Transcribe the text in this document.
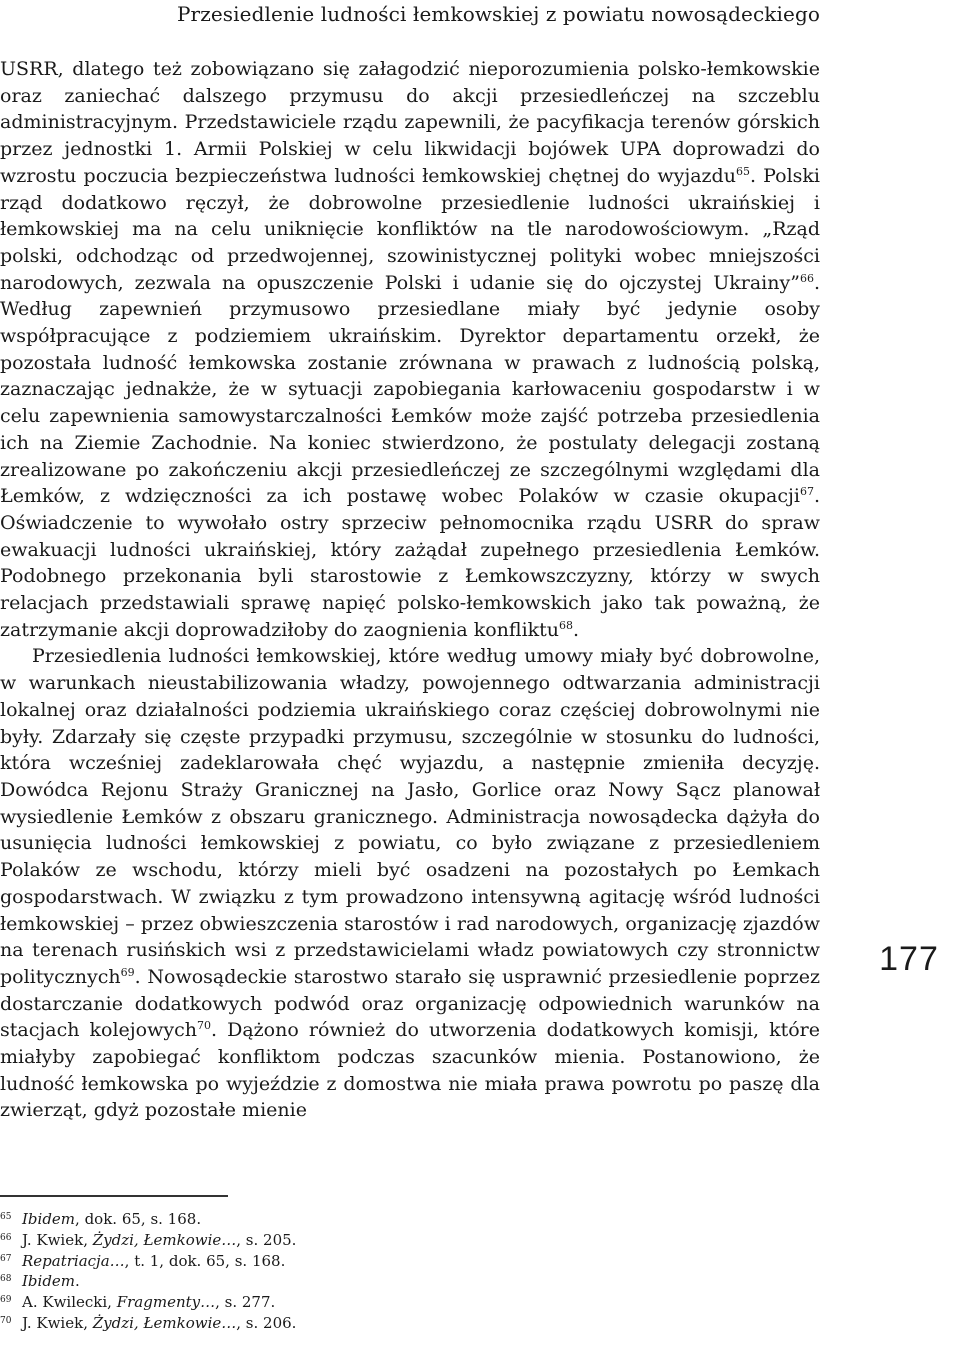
Przesiedlenie ludności łemkowskiej z powiatu nowosądeckiego

USRR, dlatego też zobowiązano się załagodzić nieporozumienia polsko-łemkowskie oraz zaniechać dalszego przymusu do akcji przesiedleńczej na szczeblu administracyjnym. Przedstawiciele rządu zapewnili, że pacyfikacja terenów górskich przez jednostki 1. Armii Polskiej w celu likwidacji bojówek UPA doprowadzi do wzrostu poczucia bezpieczeństwa ludności łemkowskiej chętnej do wyjazdu$^{65}$. Polski rząd dodatkowo ręczył, że dobrowolne przesiedlenie ludności ukraińskiej i łemkowskiej ma na celu uniknięcie konfliktów na tle narodowościowym. „Rząd polski, odchodząc od przedwojennej, szowinistycznej polityki wobec mniejszości narodowych, zezwala na opuszczenie Polski i udanie się do ojczystej Ukrainy”$^{66}$. Według zapewnień przymusowo przesiedlane miały być jedynie osoby współpracujące z podziemiem ukraińskim. Dyrektor departamentu orzekł, że pozostała ludność łemkowska zostanie zrównana w prawach z ludnością polską, zaznaczając jednakże, że w sytuacji zapobiegania karłowaceniu gospodarstw i w celu zapewnienia samowystarczalności Łemków może zajść potrzeba przesiedlenia ich na Ziemie Zachodnie. Na koniec stwierdzono, że postulaty delegacji zostaną zrealizowane po zakończeniu akcji przesiedleńczej ze szczególnymi względami dla Łemków, z wdzięczności za ich postawę wobec Polaków w czasie okupacji$^{67}$. Oświadczenie to wywołało ostry sprzeciw pełnomocnika rządu USRR do spraw ewakuacji ludności ukraińskiej, który zażądał zupełnego przesiedlenia Łemków. Podobnego przekonania byli starostowie z Łemkowszczyzny, którzy w swych relacjach przedstawiali sprawę napięć polsko-łemkowskich jako tak poważną, że zatrzymanie akcji doprowadziłoby do zaognienia konfliktu$^{68}$.

Przesiedlenia ludności łemkowskiej, które według umowy miały być dobrowolne, w warunkach nieustabilizowania władzy, powojennego odtwarzania administracji lokalnej oraz działalności podziemia ukraińskiego coraz częściej dobrowolnymi nie były. Zdarzały się częste przypadki przymusu, szczególnie w stosunku do ludności, która wcześniej zadeklarowała chęć wyjazdu, a następnie zmieniła decyzję. Dowódca Rejonu Straży Granicznej na Jasło, Gorlice oraz Nowy Sącz planował wysiedlenie Łemków z obszaru granicznego. Administracja nowosądecka dążyła do usunięcia ludności łemkowskiej z powiatu, co było związane z przesiedleniem Polaków ze wschodu, którzy mieli być osadzeni na pozostałych po Łemkach gospodarstwach. W związku z tym prowadzono intensywną agitację wśród ludności łemkowskiej – przez obwieszczenia starostów i rad narodowych, organizację zjazdów na terenach rusińskich wsi z przedstawicielami władz powiatowych czy stronnictw politycznych$^{69}$. Nowosądeckie starostwo starało się usprawnić przesiedlenie poprzez dostarczanie dodatkowych podwód oraz organizację odpowiednich warunków na stacjach kolejowych$^{70}$. Dążono również do utworzenia dodatkowych komisji, które miałyby zapobiegać konfliktom podczas szacunków mienia. Postanowiono, że ludność łemkowska po wyjeździe z domostwa nie miała prawa powrotu po paszę dla zwierząt, gdyż pozostałe mienie

177
65 Ibidem, dok. 65, s. 168.
66 J. Kwiek, Żydzi, Łemkowie…, s. 205.
67 Repatriacja…, t. 1, dok. 65, s. 168.
68 Ibidem.
69 A. Kwilecki, Fragmenty…, s. 277.
70 J. Kwiek, Żydzi, Łemkowie…, s. 206.
